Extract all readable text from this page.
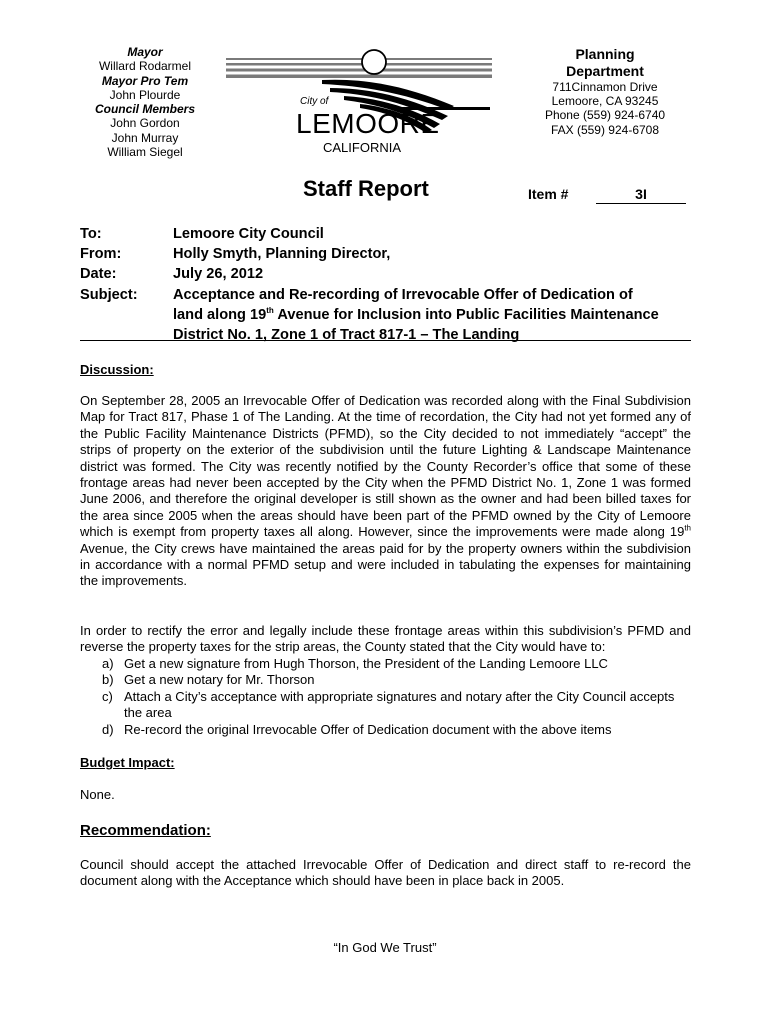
Mayor
Willard Rodarmel
Mayor Pro Tem
John Plourde
Council Members
John Gordon
John Murray
William Siegel
City of
LEMOORE
CALIFORNIA
Planning
Department
711Cinnamon Drive
Lemoore, CA 93245
Phone (559) 924-6740
FAX (559) 924-6708
Staff Report	Item #	3I
To:	Lemoore City Council
From:	Holly Smyth, Planning Director,
Date:	July 26, 2012
Subject:	Acceptance and Re-recording of Irrevocable Offer of Dedication of
land along 19th Avenue for Inclusion into Public Facilities Maintenance
District No. 1, Zone 1 of Tract 817-1 – The Landing
Discussion:
On September 28, 2005 an Irrevocable Offer of Dedication was recorded along with the Final Subdivision Map for Tract 817, Phase 1 of The Landing. At the time of recordation, the City had not yet formed any of the Public Facility Maintenance Districts (PFMD), so the City decided to not immediately “accept” the strips of property on the exterior of the subdivision until the future Lighting & Landscape Maintenance district was formed. The City was recently notified by the County Recorder’s office that some of these frontage areas had never been accepted by the City when the PFMD District No. 1, Zone 1 was formed June 2006, and therefore the original developer is still shown as the owner and had been billed taxes for the area since 2005 when the areas should have been part of the PFMD owned by the City of Lemoore which is exempt from property taxes all along. However, since the improvements were made along 19th Avenue, the City crews have maintained the areas paid for by the property owners within the subdivision in accordance with a normal PFMD setup and were included in tabulating the expenses for maintaining the improvements.
In order to rectify the error and legally include these frontage areas within this subdivision’s PFMD and reverse the property taxes for the strip areas, the County stated that the City would have to:
a) Get a new signature from Hugh Thorson, the President of the Landing Lemoore LLC
b) Get a new notary for Mr. Thorson
c) Attach a City’s acceptance with appropriate signatures and notary after the City Council accepts the area
d) Re-record the original Irrevocable Offer of Dedication document with the above items
Budget Impact:
None.
Recommendation:
Council should accept the attached Irrevocable Offer of Dedication and direct staff to re-record the document along with the Acceptance which should have been in place back in 2005.
“In God We Trust”
